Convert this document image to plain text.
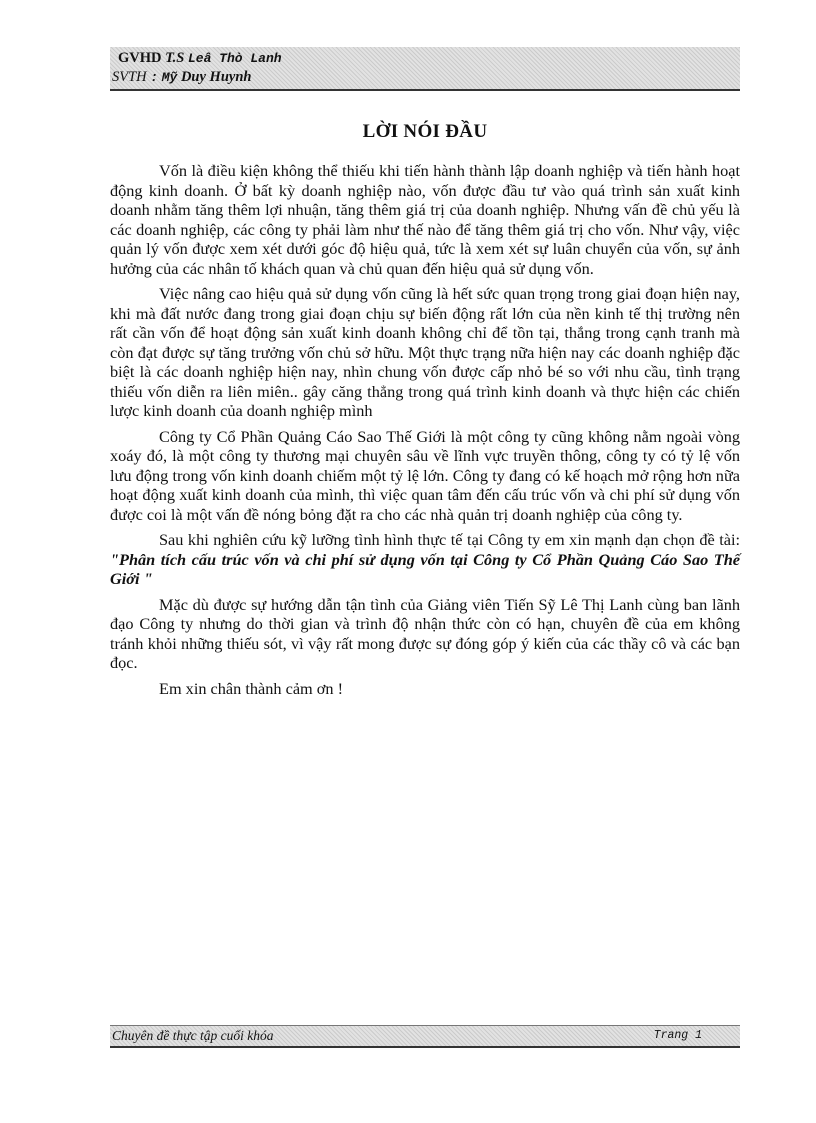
GVHD T.S Leâ Thò Lanh
SVTH : Mỹ Duy Huynh
LỜI NÓI ĐẦU

Vốn là điều kiện không thể thiếu khi tiến hành thành lập doanh nghiệp và tiến hành hoạt động kinh doanh. Ở bất kỳ doanh nghiệp nào, vốn được đầu tư vào quá trình sản xuất kinh doanh nhằm tăng thêm lợi nhuận, tăng thêm giá trị của doanh nghiệp. Nhưng vấn đề chủ yếu là các doanh nghiệp, các công ty phải làm như thế nào để tăng thêm giá trị cho vốn. Như vậy, việc quản lý vốn được xem xét dưới góc độ hiệu quả, tức là xem xét sự luân chuyển của vốn, sự ảnh hưởng của các nhân tố khách quan và chủ quan đến hiệu quả sử dụng vốn.

Việc nâng cao hiệu quả sử dụng vốn cũng là hết sức quan trọng trong giai đoạn hiện nay, khi mà đất nước đang trong giai đoạn chịu sự biến động rất lớn của nền kinh tế thị trường nên rất cần vốn để hoạt động sản xuất kinh doanh không chỉ để tồn tại, thắng trong cạnh tranh mà còn đạt được sự tăng trưởng vốn chủ sở hữu. Một thực trạng nữa hiện nay các doanh nghiệp đặc biệt là các doanh nghiệp hiện nay, nhìn chung vốn được cấp nhỏ bé so với nhu cầu, tình trạng thiếu vốn diễn ra liên miên.. gây căng thẳng trong quá trình kinh doanh và thực hiện các chiến lược kinh doanh của doanh nghiệp mình

Công ty Cổ Phần Quảng Cáo Sao Thế Giới là một công ty cũng không nằm ngoài vòng xoáy đó, là một công ty thương mại chuyên sâu về lĩnh vực truyền thông, công ty có tỷ lệ vốn lưu động trong vốn kinh doanh chiếm một tỷ lệ lớn. Công ty đang có kế hoạch mở rộng hơn nữa hoạt động xuất kinh doanh của mình, thì việc quan tâm đến cấu trúc vốn và chi phí sử dụng vốn được coi là một vấn đề nóng bỏng đặt ra cho các nhà quản trị doanh nghiệp của công ty.

Sau khi nghiên cứu kỹ lưỡng tình hình thực tế tại Công ty em xin mạnh dạn chọn đề tài: "Phân tích cấu trúc vốn và chi phí sử dụng vốn tại Công ty Cổ Phần Quảng Cáo Sao Thế Giới "

Mặc dù được sự hướng dẫn tận tình của Giảng viên Tiến Sỹ Lê Thị Lanh cùng ban lãnh đạo Công ty nhưng do thời gian và trình độ nhận thức còn có hạn, chuyên đề của em không tránh khỏi những thiếu sót, vì vậy rất mong được sự đóng góp ý kiến của các thầy cô và các bạn đọc.

Em xin chân thành cảm ơn !

Chuyên đề thực tập cuối khóa	Trang 1
